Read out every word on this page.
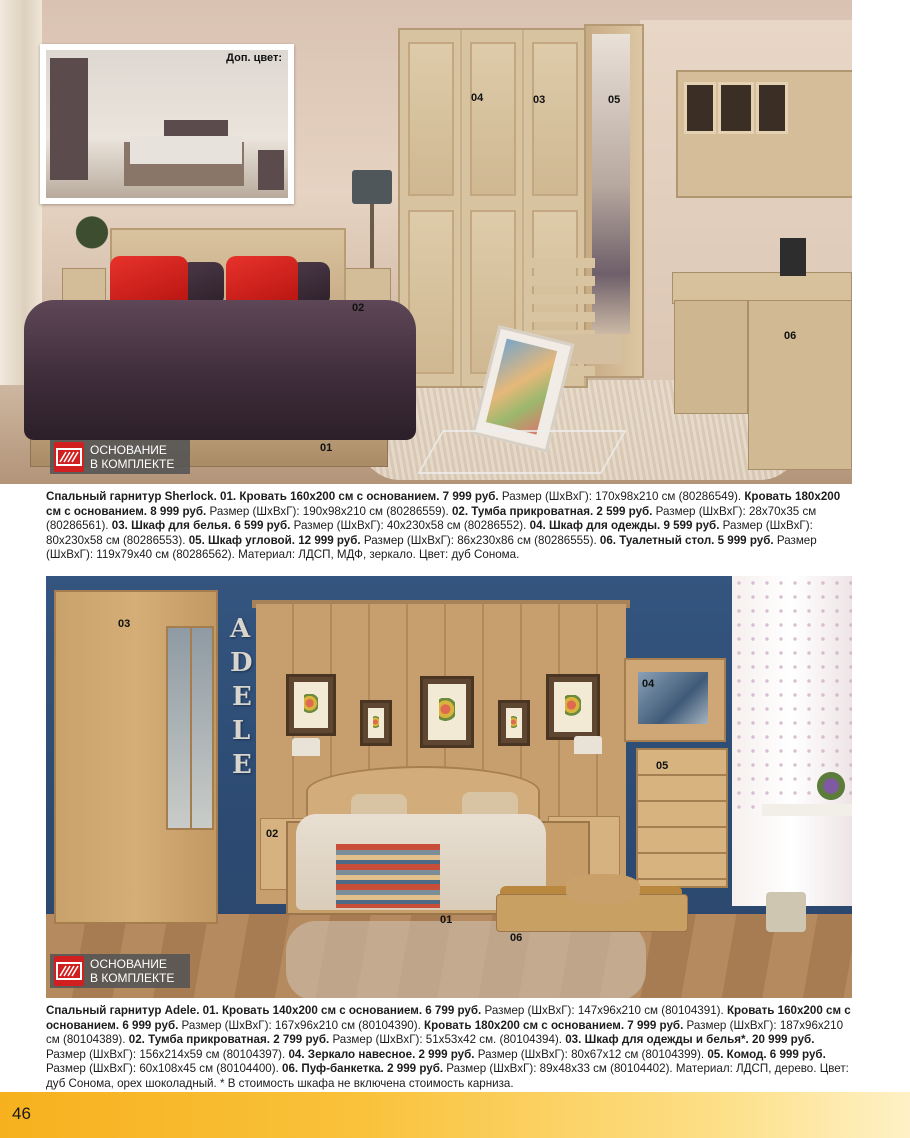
Доп. цвет:
04	03	05
02
06
01
ОСНОВАНИЕ
В КОМПЛЕКТЕ
Спальный гарнитур Sherlock. 01. Кровать 160х200 см с основанием. 7 999 руб. Размер (ШхВхГ): 170х98х210 см (80286549). Кровать 180х200 см с основанием. 8 999 руб. Размер (ШхВхГ): 190х98х210 см (80286559). 02. Тумба прикроватная. 2 599 руб. Размер (ШхВхГ): 28х70х35 см (80286561). 03. Шкаф для белья. 6 599 руб. Размер (ШхВхГ): 40х230х58 см (80286552). 04. Шкаф для одежды. 9 599 руб. Размер (ШхВхГ): 80х230х58 см (80286553). 05. Шкаф угловой. 12 999 руб. Размер (ШхВхГ): 86х230х86 см (80286555). 06. Туалетный стол. 5 999 руб. Размер (ШхВхГ): 119х79х40 см (80286562). Материал: ЛДСП, МДФ, зеркало. Цвет: дуб Сонома.
A
D
E
L
E
03
04
05
02
01
06
ОСНОВАНИЕ
В КОМПЛЕКТЕ
Спальный гарнитур Adele. 01. Кровать 140х200 см с основанием. 6 799 руб. Размер (ШхВхГ): 147х96х210 см (80104391). Кровать 160х200 см с основанием. 6 999 руб. Размер (ШхВхГ): 167х96х210 см (80104390). Кровать 180х200 см с основанием. 7 999 руб. Размер (ШхВхГ): 187х96х210 см (80104389). 02. Тумба прикроватная. 2 799 руб. Размер (ШхВхГ): 51х53х42 см. (80104394). 03. Шкаф для одежды и белья*. 20 999 руб. Размер (ШхВхГ): 156х214х59 см (80104397). 04. Зеркало навесное. 2 999 руб. Размер (ШхВхГ): 80х67х12 см (80104399). 05. Комод. 6 999 руб. Размер (ШхВхГ): 60х108х45 см (80104400). 06. Пуф-банкетка. 2 999 руб. Размер (ШхВхГ): 89х48х33 см (80104402). Материал: ЛДСП, дерево. Цвет: дуб Сонома, орех шоколадный. * В стоимость шкафа не включена стоимость карниза.
46
